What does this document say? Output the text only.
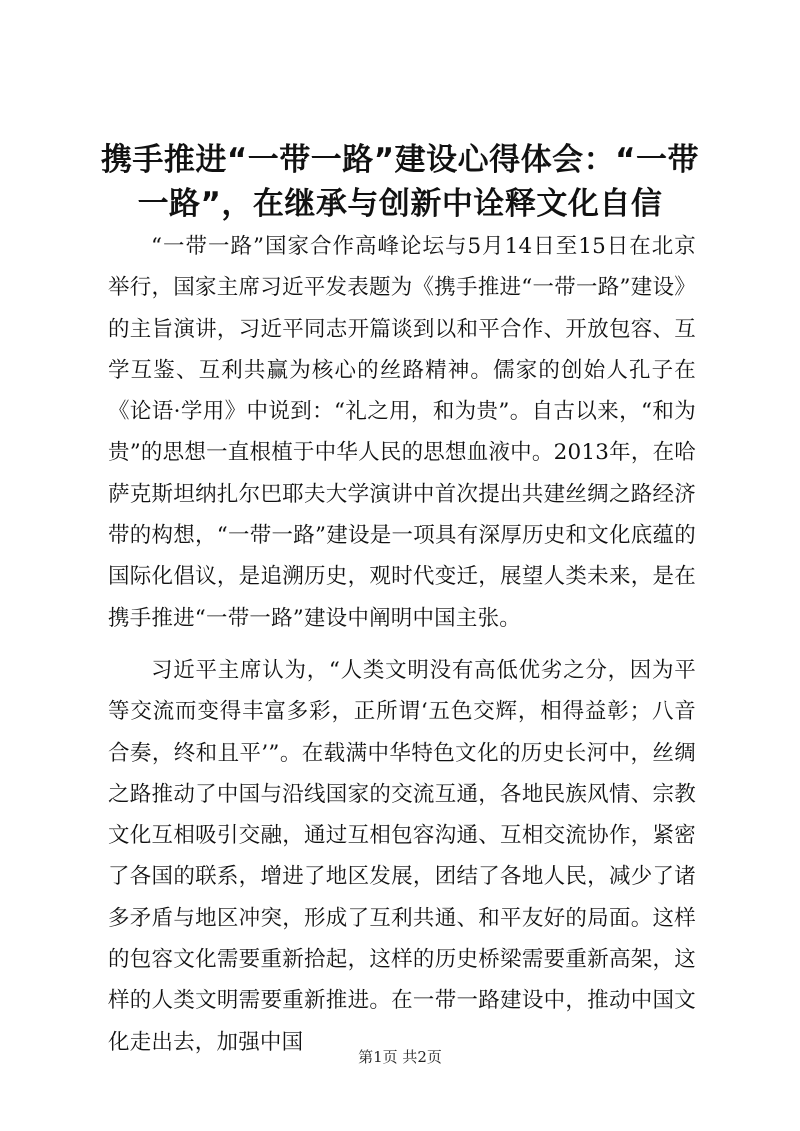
携手推进“一带一路”建设心得体会：“一带
一路”，在继承与创新中诠释文化自信

“一带一路”国家合作高峰论坛与5月14日至15日在北京举行，国家主席习近平发表题为《携手推进“一带一路”建设》的主旨演讲，习近平同志开篇谈到以和平合作、开放包容、互学互鉴、互利共赢为核心的丝路精神。儒家的创始人孔子在《论语·学用》中说到：“礼之用，和为贵”。自古以来，“和为贵”的思想一直根植于中华人民的思想血液中。2013年，在哈萨克斯坦纳扎尔巴耶夫大学演讲中首次提出共建丝绸之路经济带的构想，“一带一路”建设是一项具有深厚历史和文化底蕴的国际化倡议，是追溯历史，观时代变迁，展望人类未来，是在携手推进“一带一路”建设中阐明中国主张。

习近平主席认为，“人类文明没有高低优劣之分，因为平等交流而变得丰富多彩，正所谓‘五色交辉，相得益彰；八音合奏，终和且平’”。在载满中华特色文化的历史长河中，丝绸之路推动了中国与沿线国家的交流互通，各地民族风情、宗教文化互相吸引交融，通过互相包容沟通、互相交流协作，紧密了各国的联系，增进了地区发展，团结了各地人民，减少了诸多矛盾与地区冲突，形成了互利共通、和平友好的局面。这样的包容文化需要重新拾起，这样的历史桥梁需要重新高架，这样的人类文明需要重新推进。在一带一路建设中，推动中国文化走出去，加强中国

第1页 共2页
